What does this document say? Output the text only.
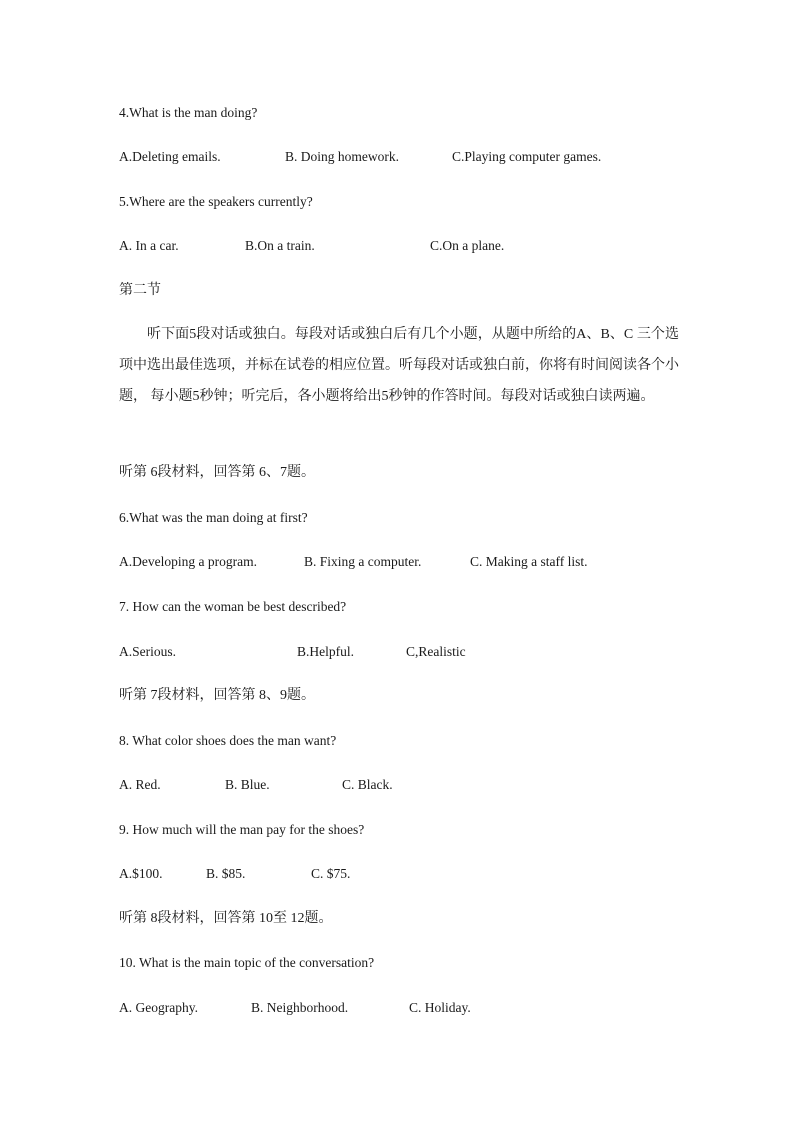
4.What is the man doing?
A.Deleting emails.	B. Doing homework.	C.Playing computer games.
5.Where are the speakers currently?
A. In a car.	B.On a train.	C.On a plane.
第二节
听下面5段对话或独白。每段对话或独白后有几个小题，从题中所给的A、B、C 三个选项中选出最佳选项，并标在试卷的相应位置。听每段对话或独白前，你将有时间阅读各个小题， 每小题5秒钟；听完后，各小题将给出5秒钟的作答时间。每段对话或独白读两遍。
听第 6段材料，回答第 6、7题。
6.What was the man doing at first?
A.Developing a program.	B. Fixing a computer.	C. Making a staff list.
7. How can the woman be best described?
A.Serious.	B.Helpful.	C,Realistic
听第 7段材料，回答第 8、9题。
8. What color shoes does the man want?
A. Red.	B. Blue.	C. Black.
9. How much will the man pay for the shoes?
A.$100.	B. $85.	C. $75.
听第 8段材料，回答第 10至 12题。
10. What is the main topic of the conversation?
A. Geography.	B. Neighborhood.	C. Holiday.
